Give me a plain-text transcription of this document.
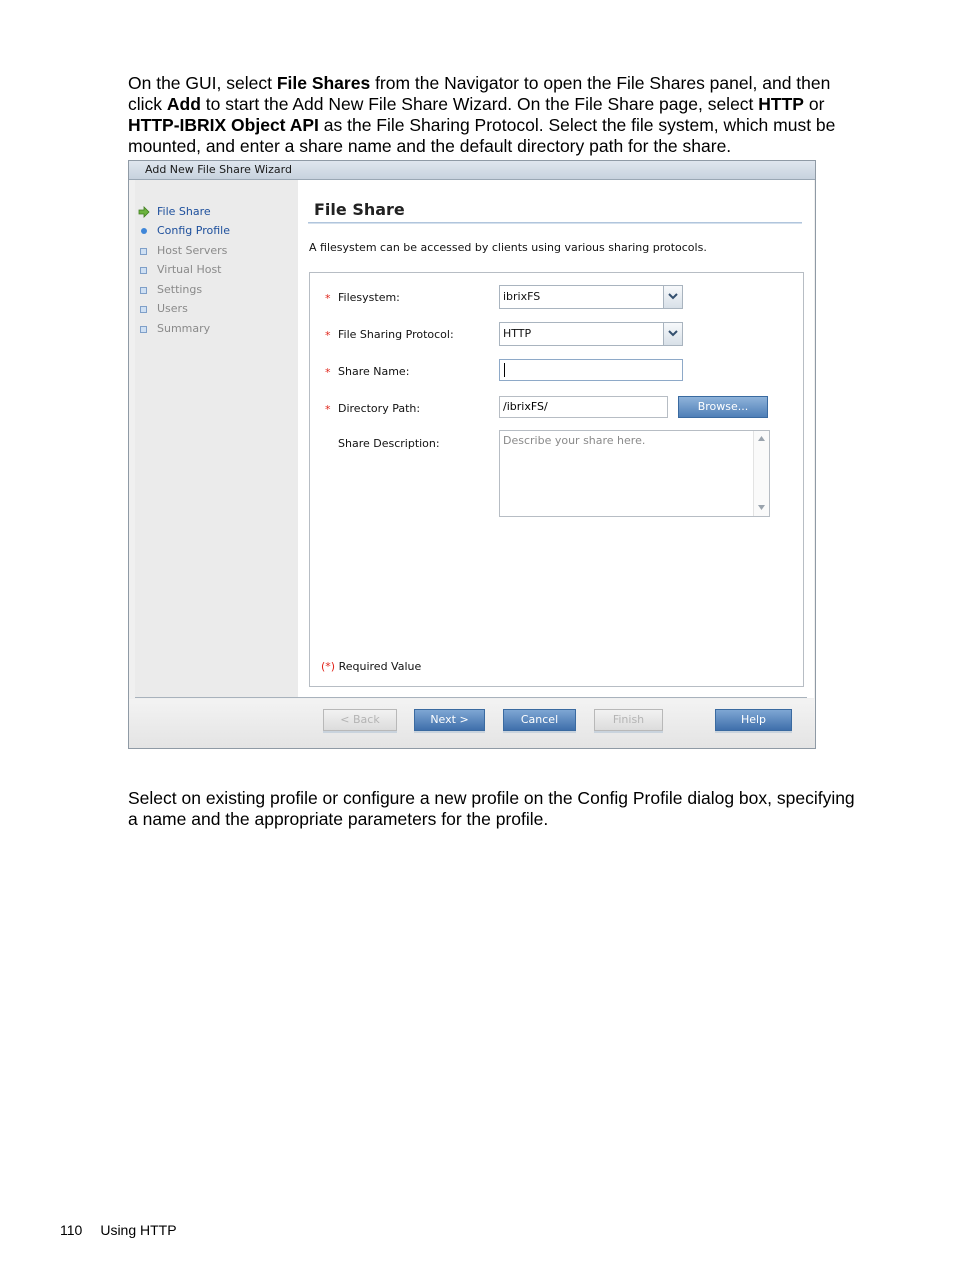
On the GUI, select File Shares from the Navigator to open the File Shares panel, and then click Add to start the Add New File Share Wizard. On the File Share page, select HTTP or HTTP-IBRIX Object API as the File Sharing Protocol. Select the file system, which must be mounted, and enter a share name and the default directory path for the share.

Add New File Share Wizard
File Share
Config Profile
Host Servers
Virtual Host
Settings
Users
Summary
File Share
A filesystem can be accessed by clients using various sharing protocols.
* Filesystem:	ibrixFS
* File Sharing Protocol:	HTTP
* Share Name:
* Directory Path:	/ibrixFS/	Browse...
Share Description:	Describe your share here.
(*) Required Value
< Back	Next >	Cancel	Finish	Help

Select on existing profile or configure a new profile on the Config Profile dialog box, specifying a name and the appropriate parameters for the profile.

110 Using HTTP
